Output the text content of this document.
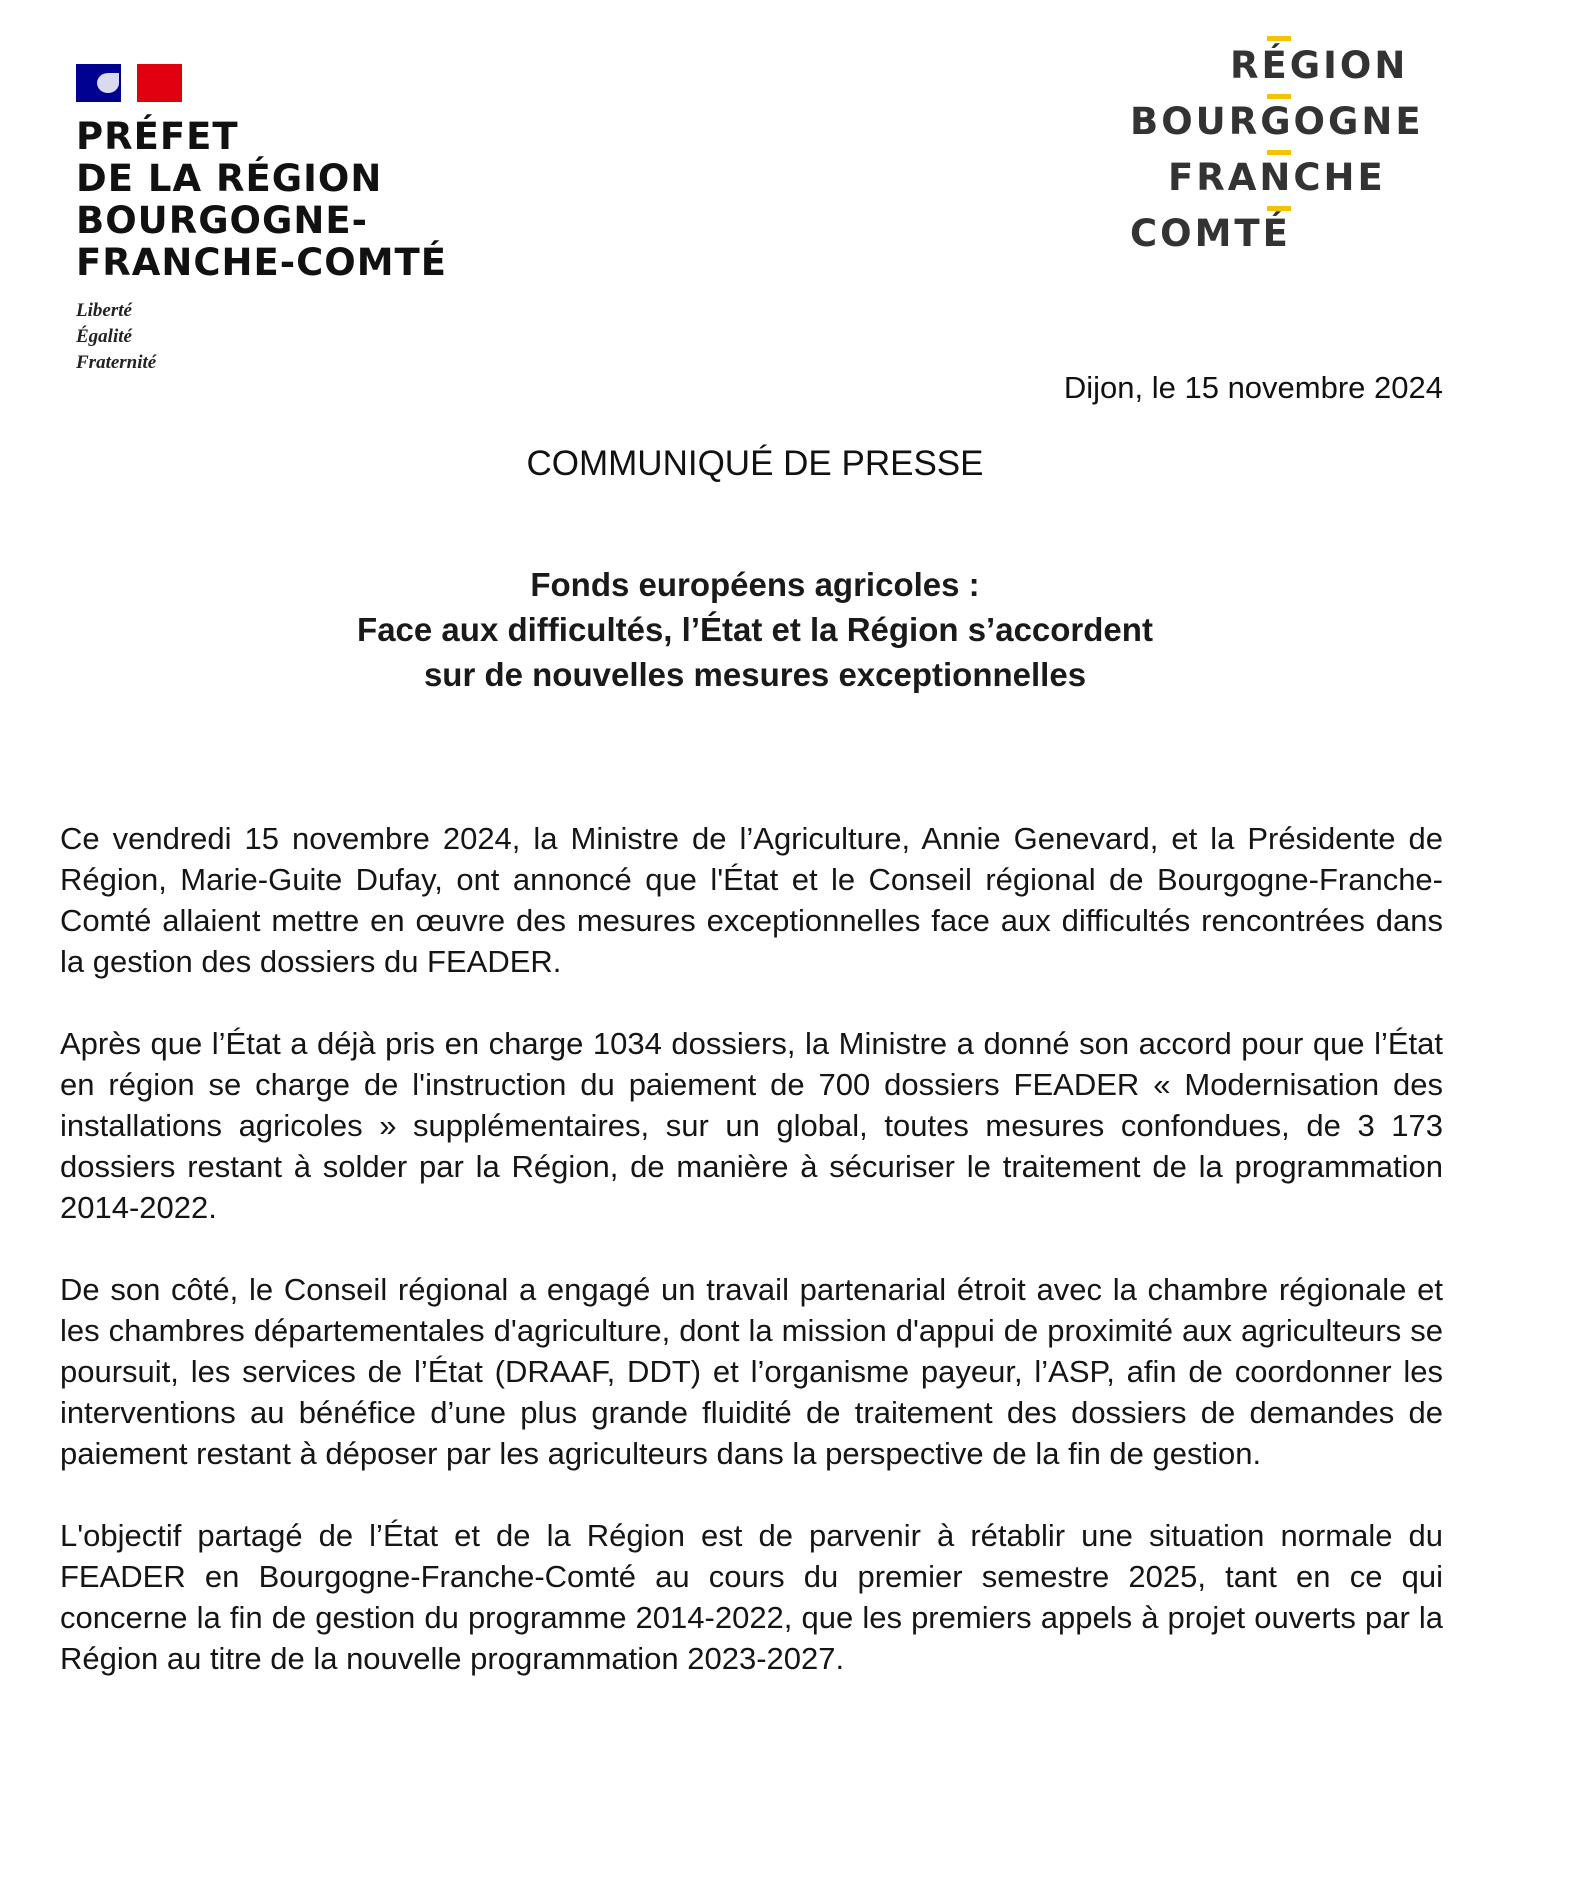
PRÉFET
DE LA RÉGION
BOURGOGNE-
FRANCHE-COMTÉ
Liberté
Égalité
Fraternité
RÉGION
BOURGOGNE
FRANCHE
COMTÉ
Dijon, le 15 novembre 2024
COMMUNIQUÉ DE PRESSE
Fonds européens agricoles :
Face aux difficultés, l’État et la Région s’accordent
sur de nouvelles mesures exceptionnelles

Ce vendredi 15 novembre 2024, la Ministre de l’Agriculture, Annie Genevard, et la Présidente de Région, Marie-Guite Dufay, ont annoncé que l'État et le Conseil régional de Bourgogne-Franche-Comté allaient mettre en œuvre des mesures exceptionnelles face aux difficultés rencontrées dans la gestion des dossiers du FEADER.

Après que l’État a déjà pris en charge 1034 dossiers, la Ministre a donné son accord pour que l’État en région se charge de l'instruction du paiement de 700 dossiers FEADER « Modernisation des installations agricoles » supplémentaires, sur un global, toutes mesures confondues, de 3 173 dossiers restant à solder par la Région, de manière à sécuriser le traitement de la programmation 2014-2022.

De son côté, le Conseil régional a engagé un travail partenarial étroit avec la chambre régionale et les chambres départementales d'agriculture, dont la mission d'appui de proximité aux agriculteurs se poursuit, les services de l’État (DRAAF, DDT) et l’organisme payeur, l’ASP, afin de coordonner les interventions au bénéfice d’une plus grande fluidité de traitement des dossiers de demandes de paiement restant à déposer par les agriculteurs dans la perspective de la fin de gestion.

L'objectif partagé de l’État et de la Région est de parvenir à rétablir une situation normale du FEADER en Bourgogne-Franche-Comté au cours du premier semestre 2025, tant en ce qui concerne la fin de gestion du programme 2014-2022, que les premiers appels à projet ouverts par la Région au titre de la nouvelle programmation 2023-2027.
